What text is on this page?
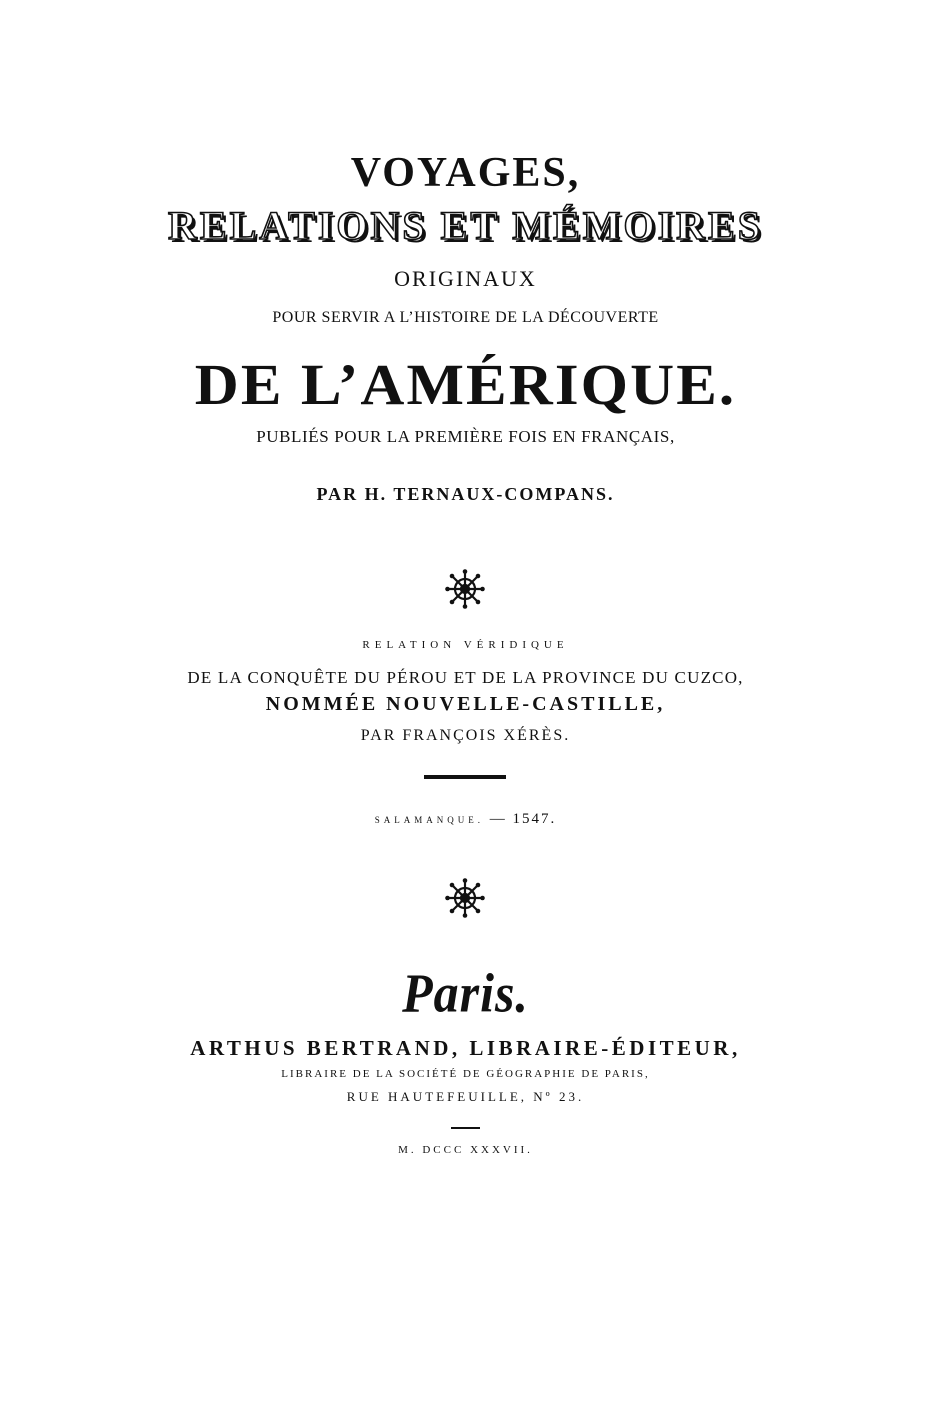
VOYAGES,
RELATIONS ET MÉMOIRES
ORIGINAUX
POUR SERVIR A L’HISTOIRE DE LA DÉCOUVERTE
DE L’AMÉRIQUE.
PUBLIÉS POUR LA PREMIÈRE FOIS EN FRANÇAIS,
PAR H. TERNAUX-COMPANS.
RELATION VÉRIDIQUE
DE LA CONQUÊTE DU PÉROU ET DE LA PROVINCE DU CUZCO,
NOMMÉE NOUVELLE-CASTILLE,
PAR FRANÇOIS XÉRÈS.
SALAMANQUE. — 1547.
Paris.
ARTHUS BERTRAND, LIBRAIRE-ÉDITEUR,
LIBRAIRE DE LA SOCIÉTÉ DE GÉOGRAPHIE DE PARIS,
RUE HAUTEFEUILLE, Nº 23.
M. DCCC XXXVII.
